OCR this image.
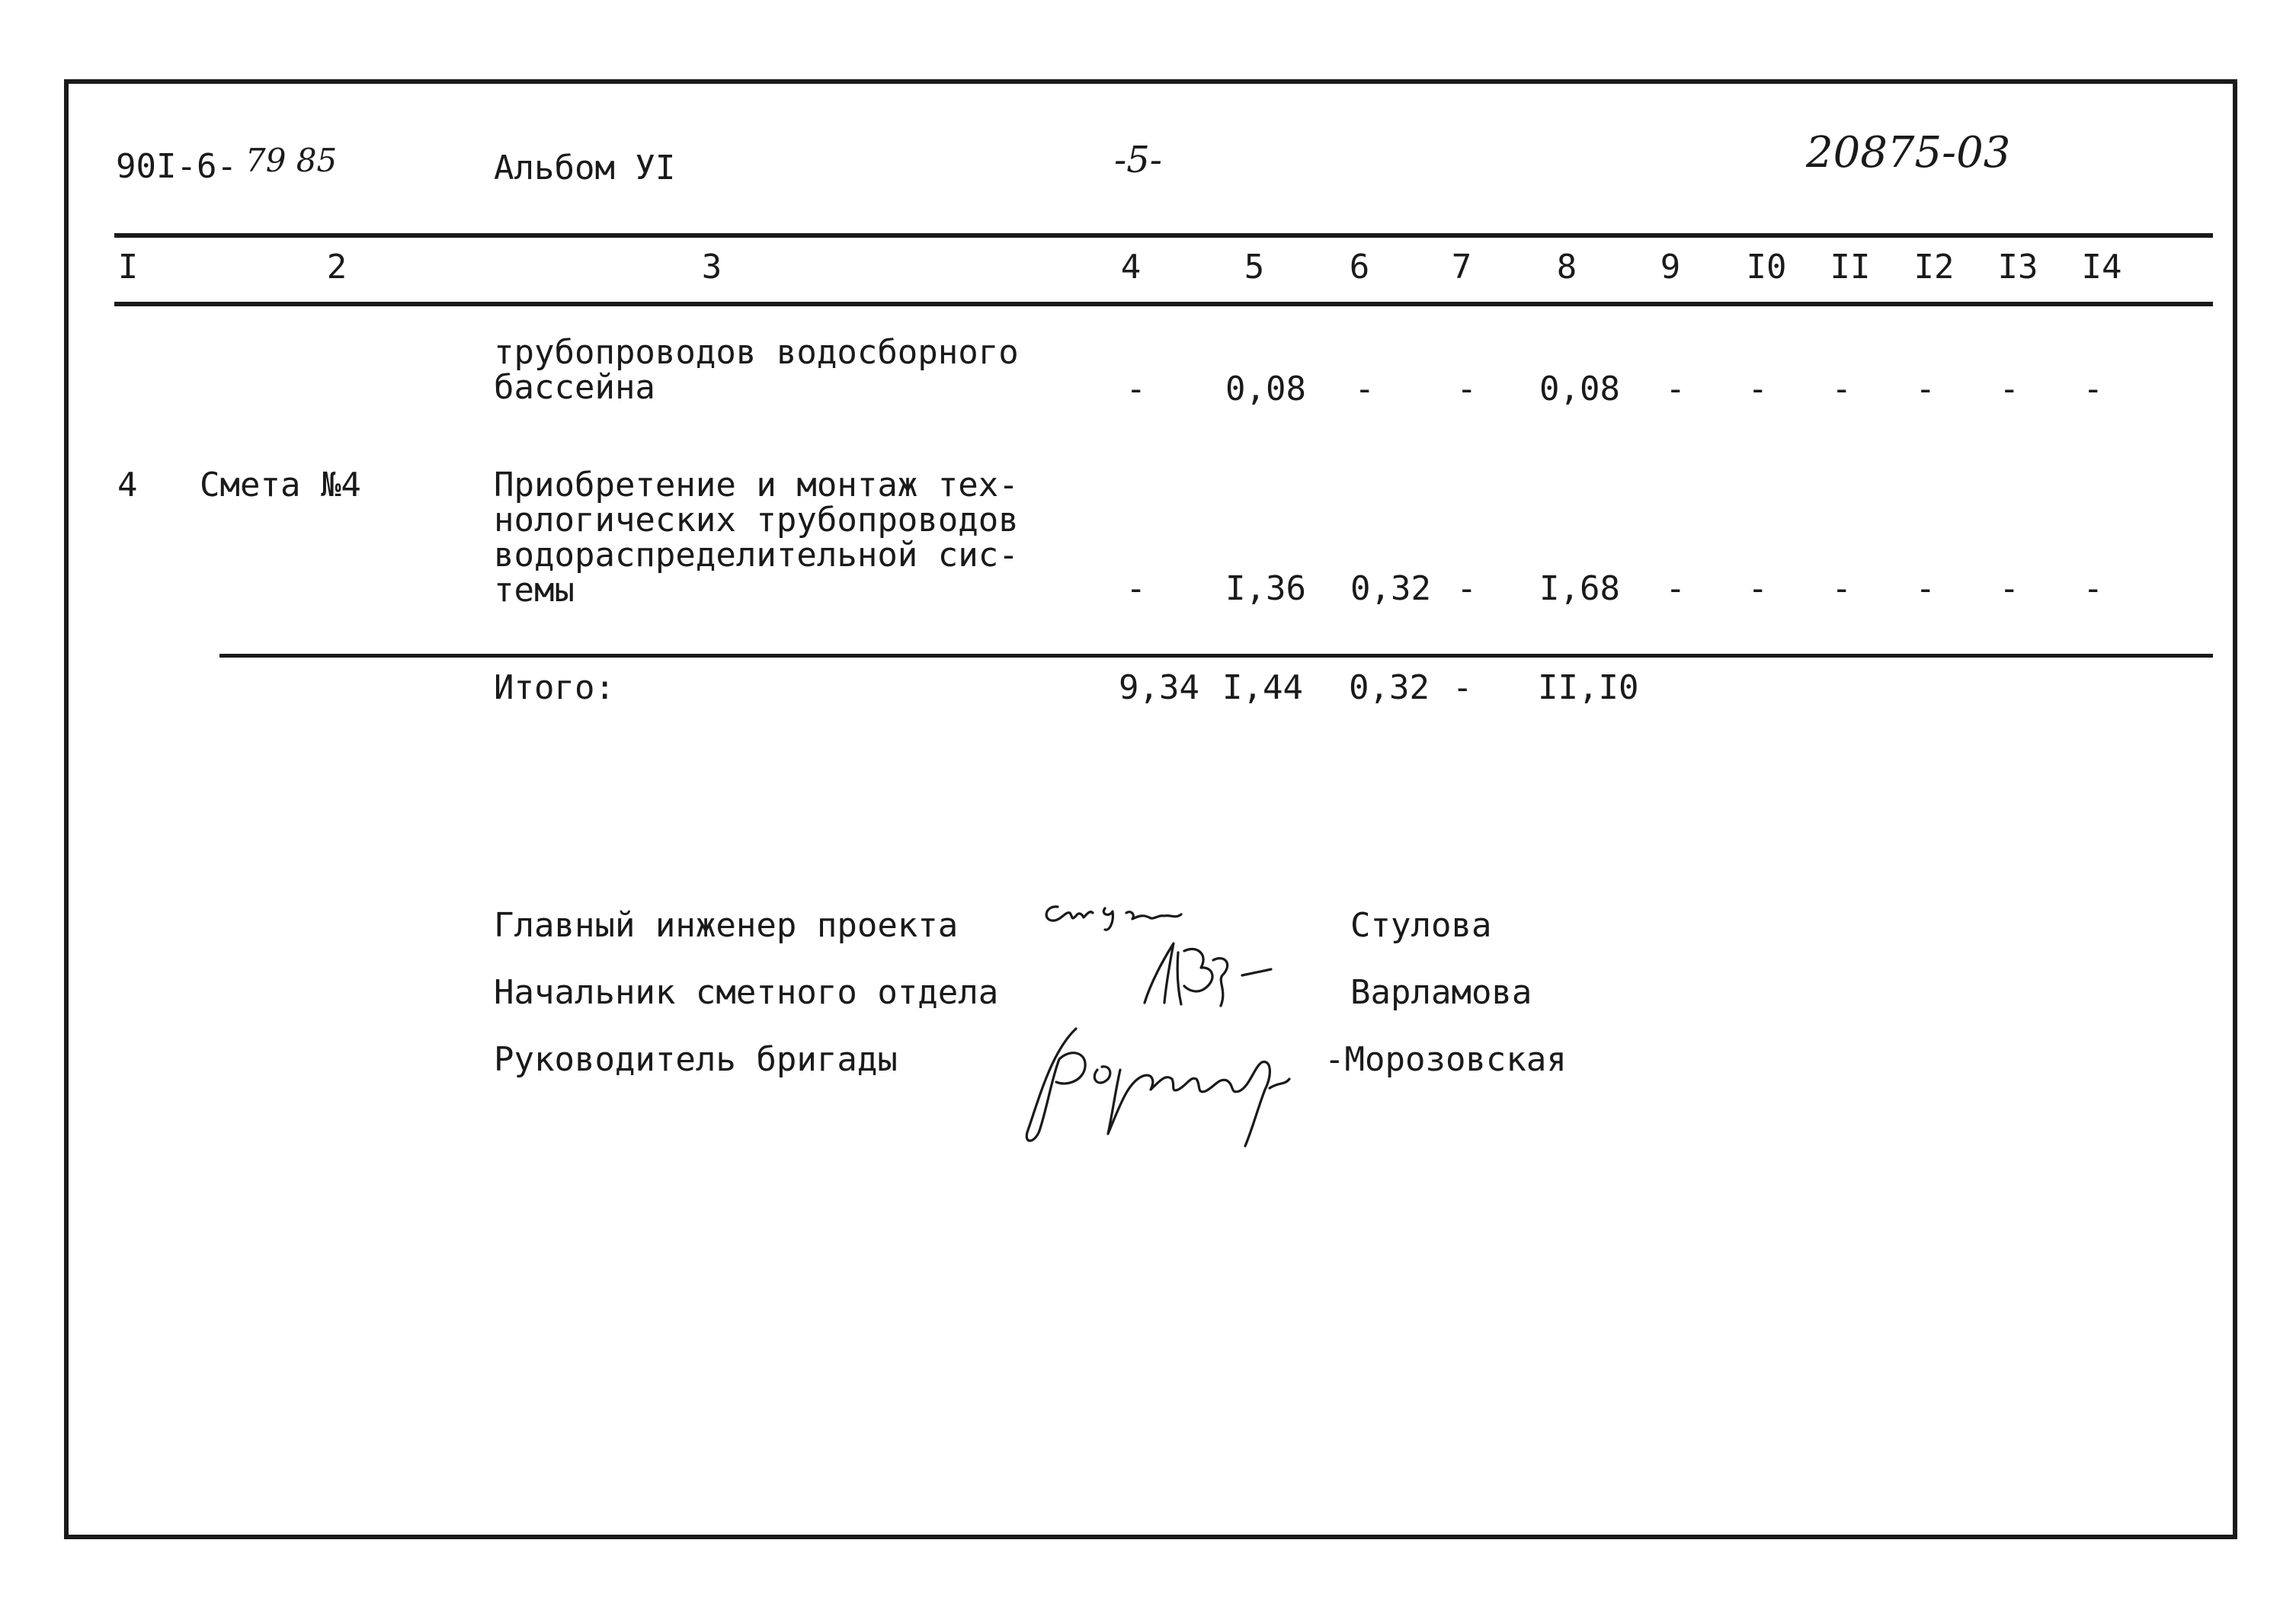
90I-6- 79 85	Альбом УI	-5-	20875-03
I	2	3	4	5	6 7	8 9 I0 II I2 I3 I4
трубопроводов водосборного
бассейна	- 0,08 - - 0,08 - - - - - -
4 Смета №4	Приобретение и монтаж тех-
нологических трубопроводов
водораспределительной сис-
темы	- I,36 0,32 - I,68 - - - - - -
Итого:	9,34 I,44 0,32 - II,I0
Главный инженер проекта	Стулова
Начальник сметного отдела	Варламова
Руководитель бригады	-Морозовская
